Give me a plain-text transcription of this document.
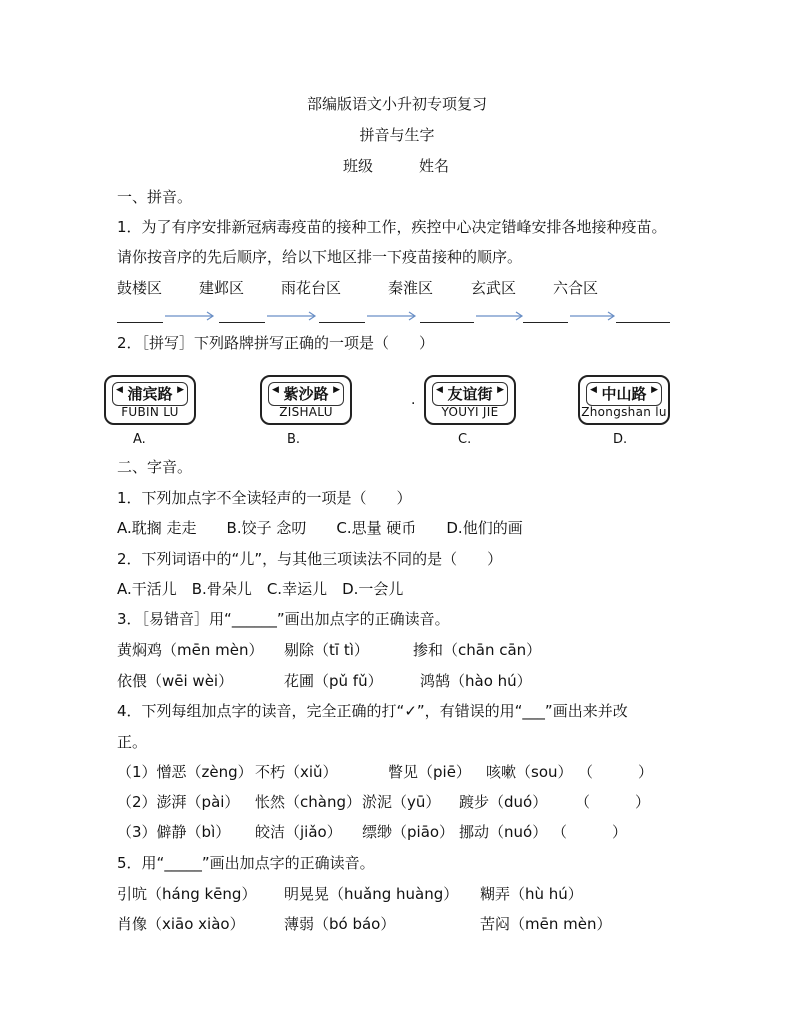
部编版语文小升初专项复习
拼音与生字
班级	姓名
一、拼音。
1．为了有序安排新冠病毒疫苗的接种工作，疾控中心决定错峰安排各地接种疫苗。
请你按音序的先后顺序，给以下地区排一下疫苗接种的顺序。
鼓楼区 建邺区 雨花台区	秦淮区	玄武区 六合区
2．［拼写］下列路牌拼写正确的一项是（　　）
◀ 浦宾路 ▶
FUBIN LU
◀ 紫沙路 ▶
ZISHALU	·
◀ 友谊街 ▶
YOUYI JIE
◀ 中山路 ▶
Zhongshan lu
A.	B.	C.	D.
二、字音。
1．下列加点字不全读轻声的一项是（　　）
A.耽搁 走走　　B.饺子 念叨　　C.思量 硬币　　D.他们的画
2．下列词语中的“儿”，与其他三项读法不同的是（　　）
A.干活儿　B.骨朵儿　C.幸运儿　D.一会儿
3．［易错音］用“______”画出加点字的正确读音。
黄焖鸡（mēn mèn） 剔除（tī tì）	掺和（chān cān）
依偎（wēi wèi）	花圃（pǔ fǔ） 鸿鹄（hào hú）
4．下列每组加点字的读音，完全正确的打“✓”，有错误的用“___”画出来并改
正。
（1）憎恶（zèng） 不朽（xiǔ）	瞥见（piē） 咳嗽（sou） （　　　）
（2）澎湃（pài） 怅然（chàng） 淤泥（yū） 踱步（duó） （　　　）
（3）僻静（bì） 皎洁（jiǎo） 缥缈（piāo） 挪动（nuó） （　　　）
5．用“_____”画出加点字的正确读音。
引吭（háng kēng） 明晃晃（huǎng huàng） 糊弄（hù hú）
肖像（xiāo xiào）	薄弱（bó báo）	苦闷（mēn mèn）
